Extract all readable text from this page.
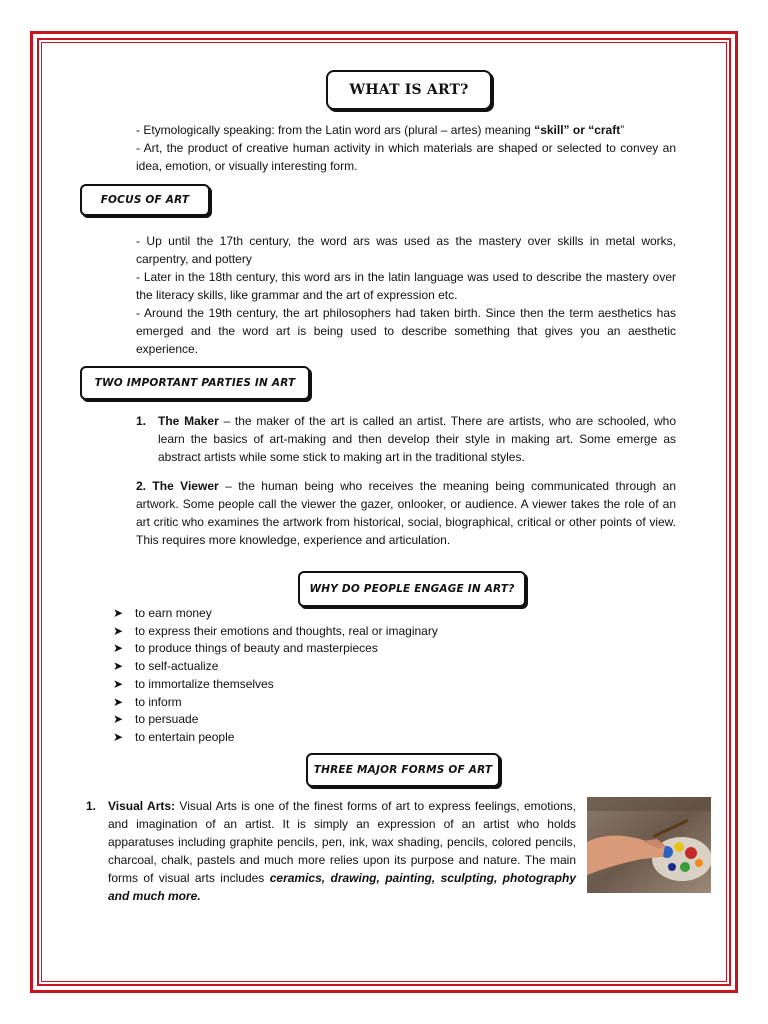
WHAT IS ART?
- Etymologically speaking: from the Latin word ars (plural – artes) meaning “skill” or “craft”
- Art, the product of creative human activity in which materials are shaped or selected to convey an idea, emotion, or visually interesting form.
FOCUS OF ART
- Up until the 17th century, the word ars was used as the mastery over skills in metal works, carpentry, and pottery
- Later in the 18th century, this word ars in the latin language was used to describe the mastery over the literacy skills, like grammar and the art of expression etc.
- Around the 19th century, the art philosophers had taken birth. Since then the term aesthetics has emerged and the word art is being used to describe something that gives you an aesthetic experience.
TWO IMPORTANT PARTIES IN ART
1. The Maker – the maker of the art is called an artist. There are artists, who are schooled, who learn the basics of art-making and then develop their style in making art. Some emerge as abstract artists while some stick to making art in the traditional styles.
2. The Viewer – the human being who receives the meaning being communicated through an artwork. Some people call the viewer the gazer, onlooker, or audience. A viewer takes the role of an art critic who examines the artwork from historical, social, biographical, critical or other points of view. This requires more knowledge, experience and articulation.
WHY DO PEOPLE ENGAGE IN ART?
➤ to earn money
➤ to express their emotions and thoughts, real or imaginary
➤ to produce things of beauty and masterpieces
➤ to self-actualize
➤ to immortalize themselves
➤ to inform
➤ to persuade
➤ to entertain people
THREE MAJOR FORMS OF ART
1. Visual Arts: Visual Arts is one of the finest forms of art to express feelings, emotions, and imagination of an artist. It is simply an expression of an artist who holds apparatuses including graphite pencils, pen, ink, wax shading, pencils, colored pencils, charcoal, chalk, pastels and much more relies upon its purpose and nature. The main forms of visual arts includes ceramics, drawing, painting, sculpting, photography and much more.
